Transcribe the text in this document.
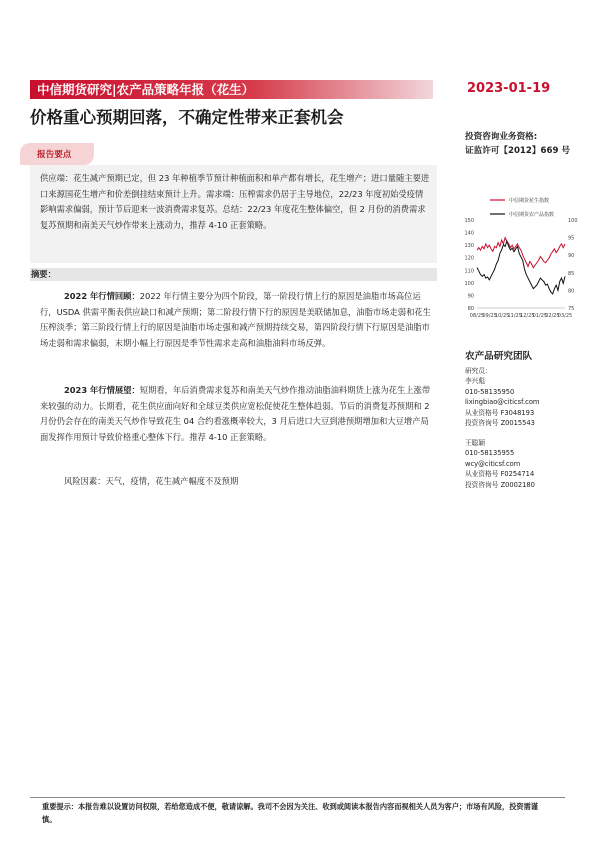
中信期货研究|农产品策略年报（花生）	2023-01-19
价格重心预期回落，不确定性带来正套机会
投资咨询业务资格:
证监许可【2012】669 号
报告要点
供应端：花生减产预期已定，但 23 年种植季节预计种植面积和单产都有增长，花生增产；进口量随主要进口来源国花生增产和价差倒挂结束预计上升。需求端：压榨需求仍居于主导地位，22/23 年度初始受疫情影响需求偏弱，预计节后迎来一波消费需求复苏。总结：22/23 年度花生整体偏空，但 2 月份的消费需求复苏预期和南美天气炒作带来上涨动力，推荐 4-10 正套策略。
摘要：
2022 年行情回顾：2022 年行情主要分为四个阶段，第一阶段行情上行的原因是油脂市场高位运行，USDA 供需平衡表供应缺口和减产预期；第二阶段行情下行的原因是美联储加息，油脂市场走弱和花生压榨淡季；第三阶段行情上行的原因是油脂市场走强和减产预期持续交易，第四阶段行情下行原因是油脂市场走弱和需求偏弱，末期小幅上行原因是季节性需求走高和油脂油料市场反弹。
2023 年行情展望：短期看，年后消费需求复苏和南美天气炒作推动油脂油料期货上涨为花生上涨带来较强的动力。长期看，花生供应面向好和全球豆类供应宽松促使花生整体趋弱。节后的消费复苏预期和 2 月份仍会存在的南美天气炒作导致花生 04 合约看涨概率较大，3 月后进口大豆到港预期增加和大豆增产局面发挥作用预计导致价格重心整体下行。推荐 4-10 正套策略。
风险因素：天气，疫情，花生减产幅度不及预期
中信期货花生指数
中信期货农产品指数
150
140
130
120
110
100
90
80
100
95
90
85
80
75
08/25
09/25
10/25
11/25
12/25
01/25
02/25
03/25
农产品研究团队
研究员：
李兴彪
010-58135950
lixingbiao@citicsf.com
从业资格号 F3048193
投资咨询号 Z0015543
王聪颖
010-58135955
wcy@citicsf.com
从业资格号 F0254714
投资咨询号 Z0002180
重要提示：本报告难以设置访问权限，若给您造成不便，敬请谅解。我司不会因为关注、收到或阅读本报告内容而视相关人员为客户；市场有风险，投资需谨慎。
